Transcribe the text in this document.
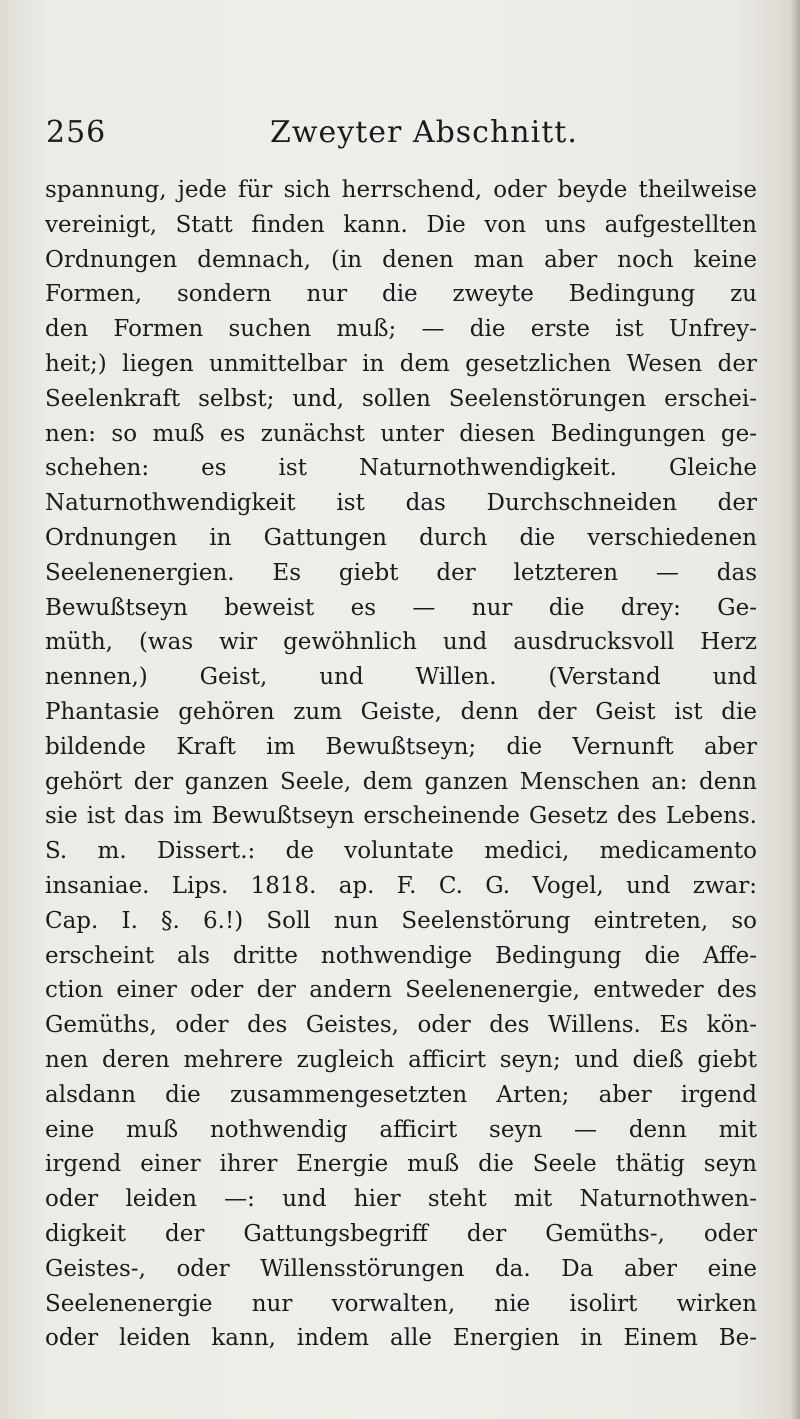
256	Zweyter Abschnitt.
spannung, jede für sich herrschend, oder beyde theilweise
vereinigt, Statt finden kann. Die von uns aufgestellten
Ordnungen demnach, (in denen man aber noch keine
Formen, sondern nur die zweyte Bedingung zu
den Formen suchen muß; — die erste ist Unfrey-
heit;) liegen unmittelbar in dem gesetzlichen Wesen der
Seelenkraft selbst; und, sollen Seelenstörungen erschei-
nen: so muß es zunächst unter diesen Bedingungen ge-
schehen: es ist Naturnothwendigkeit. Gleiche
Naturnothwendigkeit ist das Durchschneiden der
Ordnungen in Gattungen durch die verschiedenen
Seelenenergien. Es giebt der letzteren — das
Bewußtseyn beweist es — nur die drey: Ge-
müth, (was wir gewöhnlich und ausdrucksvoll Herz
nennen,) Geist, und Willen. (Verstand und
Phantasie gehören zum Geiste, denn der Geist ist die
bildende Kraft im Bewußtseyn; die Vernunft aber
gehört der ganzen Seele, dem ganzen Menschen an: denn
sie ist das im Bewußtseyn erscheinende Gesetz des Lebens.
S. m. Dissert.: de voluntate medici, medicamento
insaniae. Lips. 1818. ap. F. C. G. Vogel, und zwar:
Cap. I. §. 6.!) Soll nun Seelenstörung eintreten, so
erscheint als dritte nothwendige Bedingung die Affe-
ction einer oder der andern Seelenenergie, entweder des
Gemüths, oder des Geistes, oder des Willens. Es kön-
nen deren mehrere zugleich afficirt seyn; und dieß giebt
alsdann die zusammengesetzten Arten; aber irgend
eine muß nothwendig afficirt seyn — denn mit
irgend einer ihrer Energie muß die Seele thätig seyn
oder leiden —: und hier steht mit Naturnothwen-
digkeit der Gattungsbegriff der Gemüths-, oder
Geistes-, oder Willensstörungen da. Da aber eine
Seelenenergie nur vorwalten, nie isolirt wirken
oder leiden kann, indem alle Energien in Einem Be-
